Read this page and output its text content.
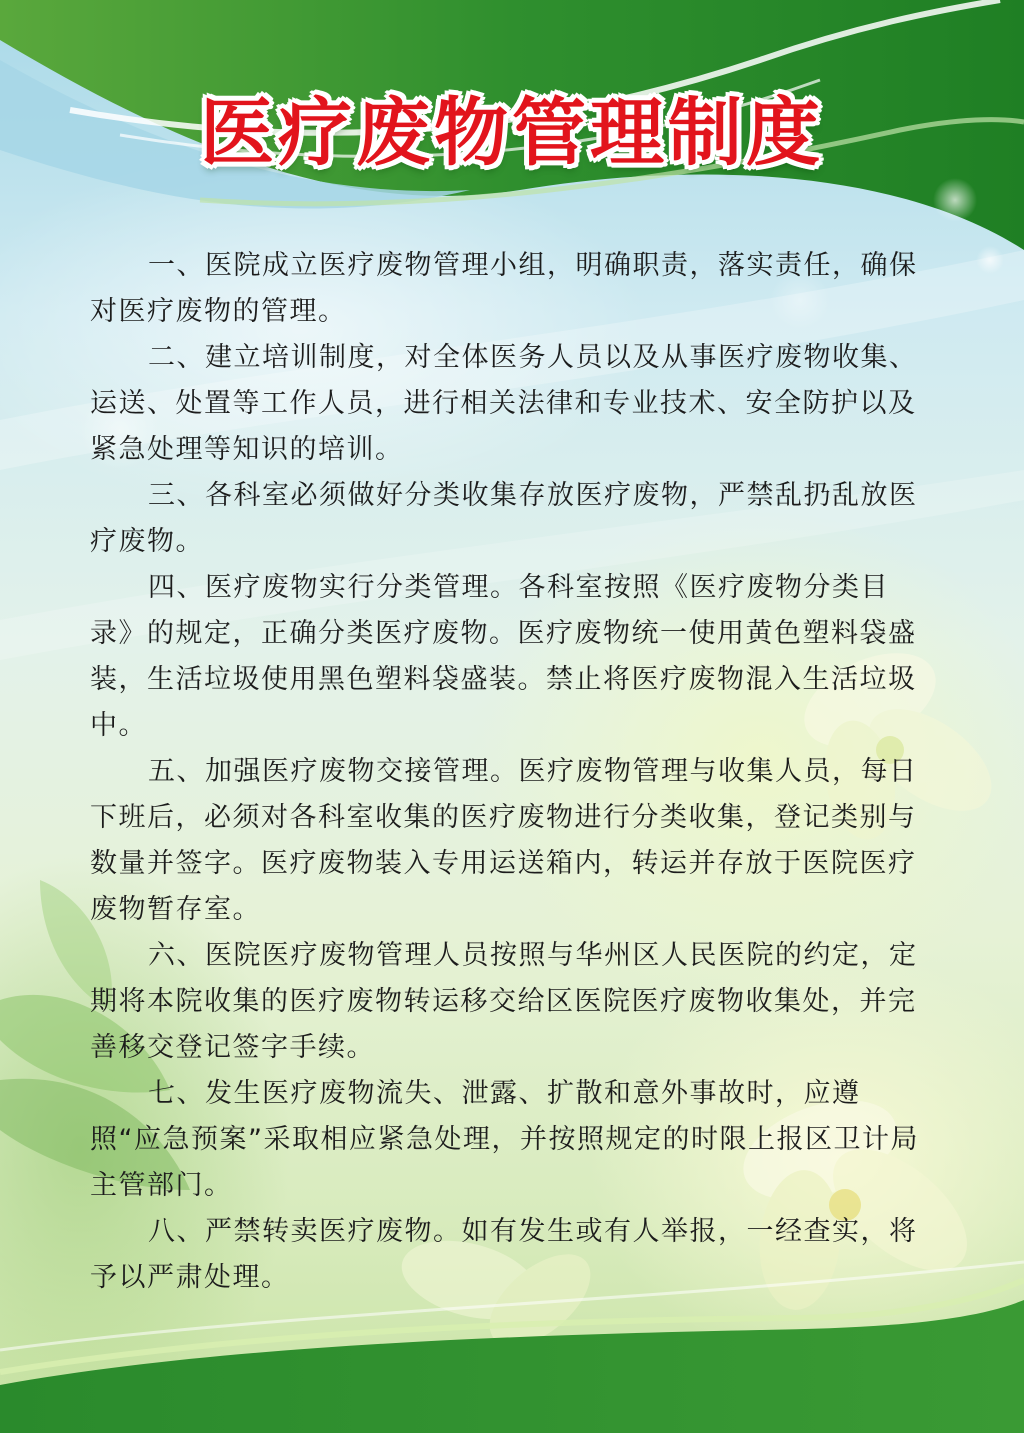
医疗废物管理制度

一、医院成立医疗废物管理小组，明确职责，落实责任，确保对医疗废物的管理。

二、建立培训制度，对全体医务人员以及从事医疗废物收集、运送、处置等工作人员，进行相关法律和专业技术、安全防护以及紧急处理等知识的培训。

三、各科室必须做好分类收集存放医疗废物，严禁乱扔乱放医疗废物。

四、医疗废物实行分类管理。各科室按照《医疗废物分类目录》的规定，正确分类医疗废物。医疗废物统一使用黄色塑料袋盛装，生活垃圾使用黑色塑料袋盛装。禁止将医疗废物混入生活垃圾中。

五、加强医疗废物交接管理。医疗废物管理与收集人员，每日下班后，必须对各科室收集的医疗废物进行分类收集，登记类别与数量并签字。医疗废物装入专用运送箱内，转运并存放于医院医疗废物暂存室。

六、医院医疗废物管理人员按照与华州区人民医院的约定，定期将本院收集的医疗废物转运移交给区医院医疗废物收集处，并完善移交登记签字手续。

七、发生医疗废物流失、泄露、扩散和意外事故时，应遵照“应急预案”采取相应紧急处理，并按照规定的时限上报区卫计局主管部门。

八、严禁转卖医疗废物。如有发生或有人举报，一经查实，将予以严肃处理。
